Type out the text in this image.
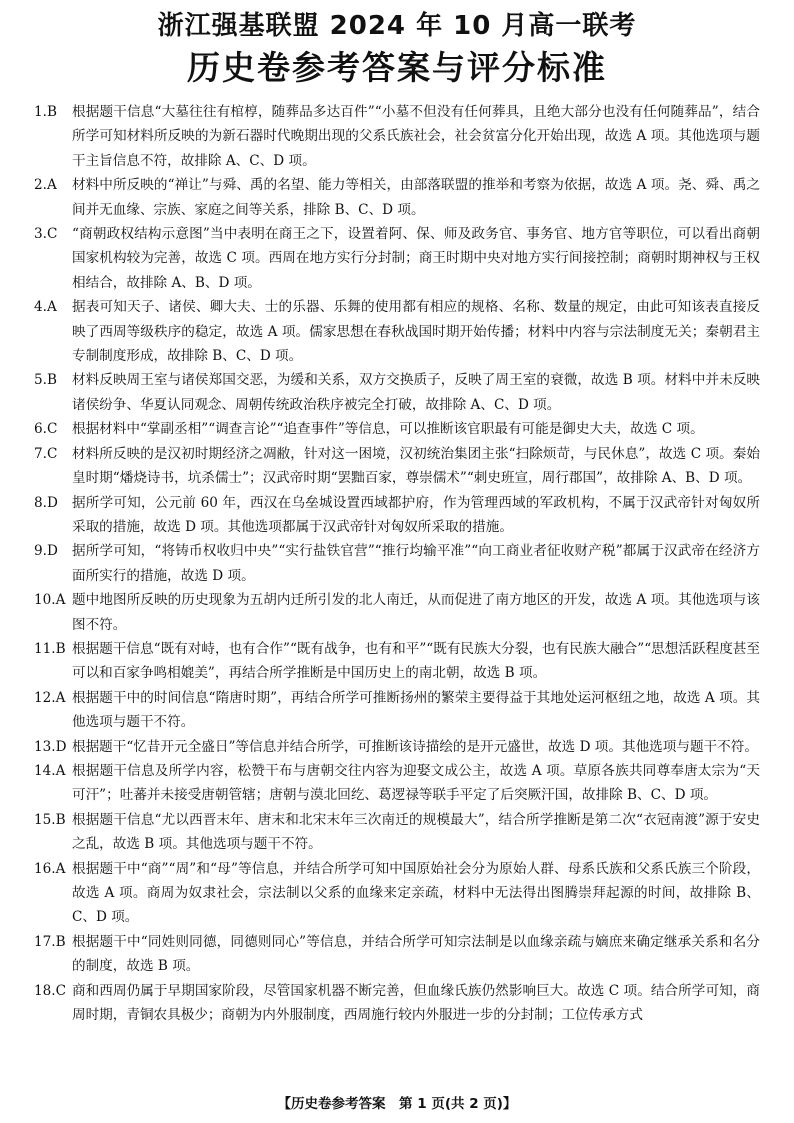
浙江强基联盟 2024 年 10 月高一联考
历史卷参考答案与评分标准
1.B	根据题干信息“大墓往往有棺椁，随葬品多达百件”“小墓不但没有任何葬具，且绝大部分也没有任何随葬品”，结合所学可知材料所反映的为新石器时代晚期出现的父系氏族社会，社会贫富分化开始出现，故选 A 项。其他选项与题干主旨信息不符，故排除 A、C、D 项。
2.A	材料中所反映的“禅让”与舜、禹的名望、能力等相关，由部落联盟的推举和考察为依据，故选 A 项。尧、舜、禹之间并无血缘、宗族、家庭之间等关系，排除 B、C、D 项。
3.C	“商朝政权结构示意图”当中表明在商王之下，设置着阿、保、师及政务官、事务官、地方官等职位，可以看出商朝国家机构较为完善，故选 C 项。西周在地方实行分封制；商王时期中央对地方实行间接控制；商朝时期神权与王权相结合，故排除 A、B、D 项。
4.A	据表可知天子、诸侯、卿大夫、士的乐器、乐舞的使用都有相应的规格、名称、数量的规定，由此可知该表直接反映了西周等级秩序的稳定，故选 A 项。儒家思想在春秋战国时期开始传播；材料中内容与宗法制度无关；秦朝君主专制制度形成，故排除 B、C、D 项。
5.B	材料反映周王室与诸侯郑国交恶，为缓和关系，双方交换质子，反映了周王室的衰微，故选 B 项。材料中并未反映诸侯纷争、华夏认同观念、周朝传统政治秩序被完全打破，故排除 A、C、D 项。
6.C	根据材料中“掌副丞相”“调查言论”“追查事件”等信息，可以推断该官职最有可能是御史大夫，故选 C 项。
7.C	材料所反映的是汉初时期经济之凋敝，针对这一困境，汉初统治集团主张“扫除烦苛，与民休息”，故选 C 项。秦始皇时期“燔烧诗书，坑杀儒士”；汉武帝时期“罢黜百家，尊崇儒术”“刺史班宣，周行郡国”，故排除 A、B、D 项。
8.D	据所学可知，公元前 60 年，西汉在乌垒城设置西域都护府，作为管理西域的军政机构，不属于汉武帝针对匈奴所采取的措施，故选 D 项。其他选项都属于汉武帝针对匈奴所采取的措施。
9.D	据所学可知，“将铸币权收归中央”“实行盐铁官营”“推行均输平准”“向工商业者征收财产税”都属于汉武帝在经济方面所实行的措施，故选 D 项。
10.A 题中地图所反映的历史现象为五胡内迁所引发的北人南迁，从而促进了南方地区的开发，故选 A 项。其他选项与该图不符。
11.B 根据题干信息“既有对峙，也有合作”“既有战争，也有和平”“既有民族大分裂，也有民族大融合”“思想活跃程度甚至可以和百家争鸣相媲美”，再结合所学推断是中国历史上的南北朝，故选 B 项。
12.A 根据题干中的时间信息“隋唐时期”，再结合所学可推断扬州的繁荣主要得益于其地处运河枢纽之地，故选 A 项。其他选项与题干不符。
13.D 根据题干“忆昔开元全盛日”等信息并结合所学，可推断该诗描绘的是开元盛世，故选 D 项。其他选项与题干不符。
14.A 根据题干信息及所学内容，松赞干布与唐朝交往内容为迎娶文成公主，故选 A 项。草原各族共同尊奉唐太宗为“天可汗”；吐蕃并未接受唐朝管辖；唐朝与漠北回纥、葛逻禄等联手平定了后突厥汗国，故排除 B、C、D 项。
15.B 根据题干信息“尤以西晋末年、唐末和北宋末年三次南迁的规模最大”，结合所学推断是第二次“衣冠南渡”源于安史之乱，故选 B 项。其他选项与题干不符。
16.A 根据题干中“商”“周”和“母”等信息，并结合所学可知中国原始社会分为原始人群、母系氏族和父系氏族三个阶段，故选 A 项。商周为奴隶社会，宗法制以父系的血缘来定亲疏，材料中无法得出图腾崇拜起源的时间，故排除 B、C、D 项。
17.B 根据题干中“同姓则同德，同德则同心”等信息，并结合所学可知宗法制是以血缘亲疏与嫡庶来确定继承关系和名分的制度，故选 B 项。
18.C 商和西周仍属于早期国家阶段，尽管国家机器不断完善，但血缘氏族仍然影响巨大。故选 C 项。结合所学可知，商周时期，青铜农具极少；商朝为内外服制度，西周施行较内外服进一步的分封制；工位传承方式
【历史卷参考答案　第 1 页(共 2 页)】
